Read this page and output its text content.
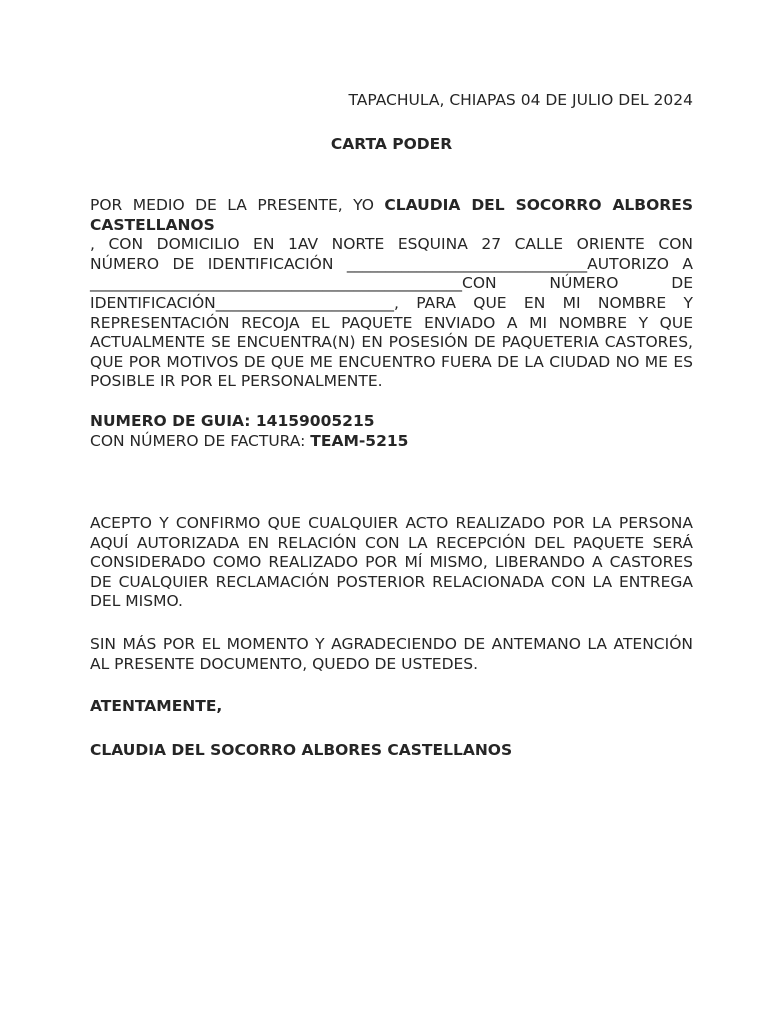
TAPACHULA, CHIAPAS 04 DE JULIO DEL 2024
CARTA PODER
POR MEDIO DE LA PRESENTE, YO CLAUDIA DEL SOCORRO ALBORES CASTELLANOS
, CON DOMICILIO EN 1AV NORTE ESQUINA 27 CALLE ORIENTE CON
NÚMERO DE IDENTIFICACIÓN _______________________________AUTORIZO A
________________________________________________CON NÚMERO DE
IDENTIFICACIÓN_______________________, PARA QUE EN MI NOMBRE Y REPRESENTACIÓN RECOJA EL PAQUETE ENVIADO A MI NOMBRE Y QUE ACTUALMENTE SE ENCUENTRA(N) EN POSESIÓN DE PAQUETERIA CASTORES, QUE POR MOTIVOS DE QUE ME ENCUENTRO FUERA DE LA CIUDAD NO ME ES POSIBLE IR POR EL PERSONALMENTE.
NUMERO DE GUIA: 14159005215
CON NÚMERO DE FACTURA: TEAM-5215
ACEPTO Y CONFIRMO QUE CUALQUIER ACTO REALIZADO POR LA PERSONA AQUÍ AUTORIZADA EN RELACIÓN CON LA RECEPCIÓN DEL PAQUETE SERÁ CONSIDERADO COMO REALIZADO POR MÍ MISMO, LIBERANDO A CASTORES DE CUALQUIER RECLAMACIÓN POSTERIOR RELACIONADA CON LA ENTREGA DEL MISMO.
SIN MÁS POR EL MOMENTO Y AGRADECIENDO DE ANTEMANO LA ATENCIÓN AL PRESENTE DOCUMENTO, QUEDO DE USTEDES.
ATENTAMENTE,
CLAUDIA DEL SOCORRO ALBORES CASTELLANOS
